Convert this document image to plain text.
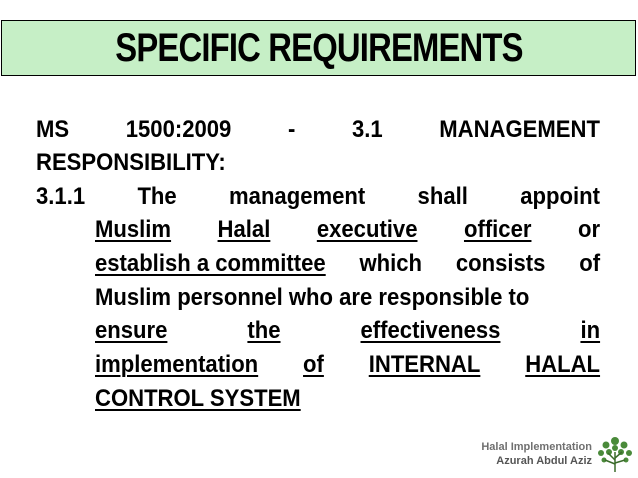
SPECIFIC REQUIREMENTS
MS 1500:2009 - 3.1 MANAGEMENT
RESPONSIBILITY:
3.1.1 The management shall appoint
Muslim Halal executive officer or
establish a committee which consists of
Muslim personnel who are responsible to
ensure	the	effectiveness	in
implementation of INTERNAL HALAL
CONTROL SYSTEM
Halal Implementation
Azurah Abdul Aziz
